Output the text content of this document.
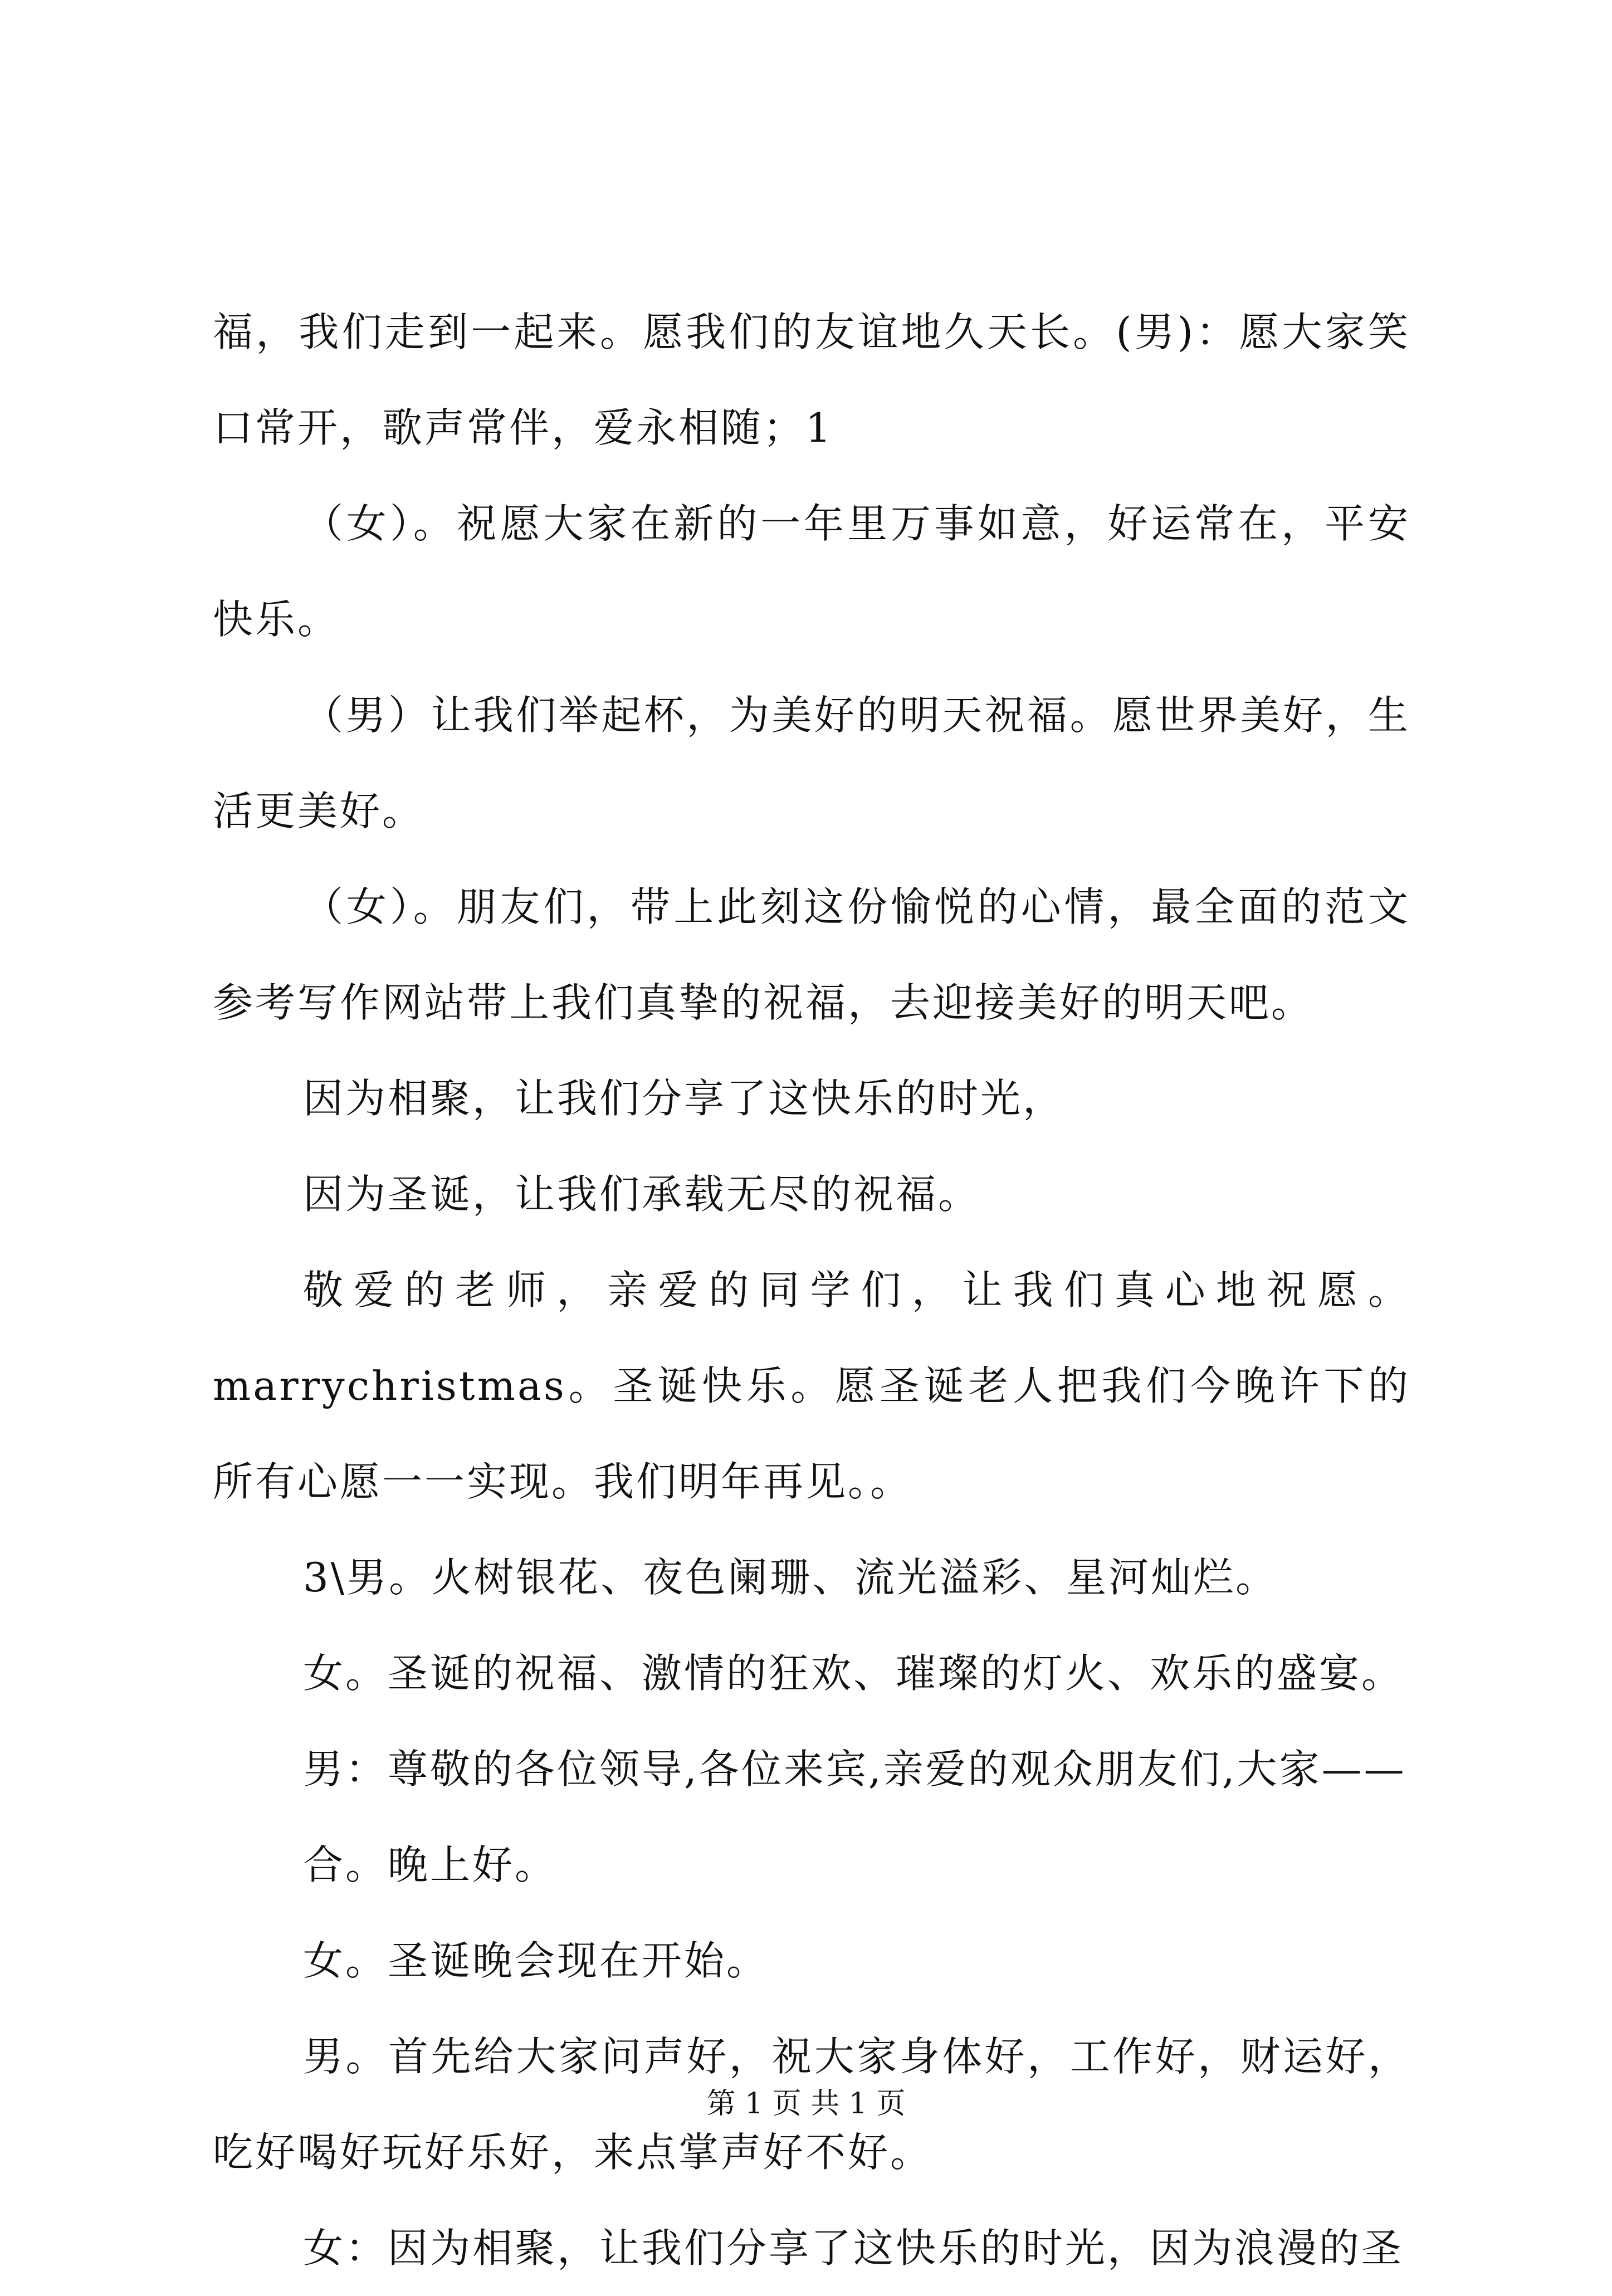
福，我们走到一起来。愿我们的友谊地久天长。(男)：愿大家笑口常开，歌声常伴，爱永相随；1

（女）。祝愿大家在新的一年里万事如意，好运常在，平安快乐。

（男）让我们举起杯，为美好的明天祝福。愿世界美好，生活更美好。

（女）。朋友们，带上此刻这份愉悦的心情，最全面的范文参考写作网站带上我们真挚的祝福，去迎接美好的明天吧。

因为相聚，让我们分享了这快乐的时光，

因为圣诞，让我们承载无尽的祝福。

敬爱的老师，亲爱的同学们，让我们真心地祝愿。marrychristmas。圣诞快乐。愿圣诞老人把我们今晚许下的所有心愿一一实现。我们明年再见。。

3\男。火树银花、夜色阑珊、流光溢彩、星河灿烂。

女。圣诞的祝福、激情的狂欢、璀璨的灯火、欢乐的盛宴。

男：尊敬的各位领导,各位来宾,亲爱的观众朋友们,大家——

合。晚上好。

女。圣诞晚会现在开始。

男。首先给大家问声好，祝大家身体好，工作好，财运好，吃好喝好玩好乐好，来点掌声好不好。

女：因为相聚，让我们分享了这快乐的时光，因为浪漫的圣

第 1 页 共 1 页
